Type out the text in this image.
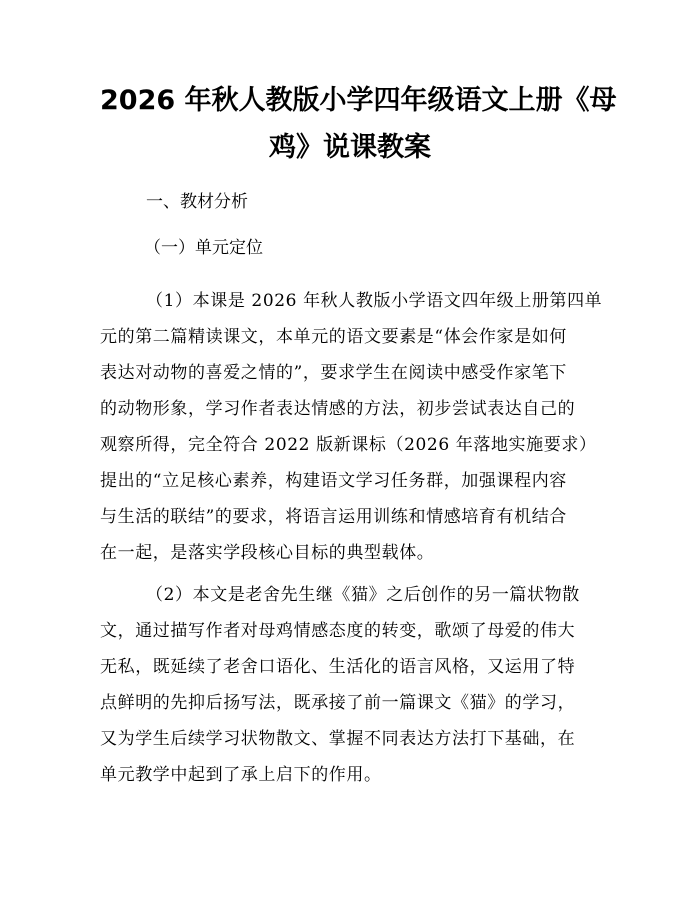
2026 年秋人教版小学四年级语文上册《母
鸡》说课教案
一、教材分析
（一）单元定位
（1）本课是 2026 年秋人教版小学语文四年级上册第四单
元的第二篇精读课文，本单元的语文要素是“体会作家是如何
表达对动物的喜爱之情的”，要求学生在阅读中感受作家笔下
的动物形象，学习作者表达情感的方法，初步尝试表达自己的
观察所得，完全符合 2022 版新课标（2026 年落地实施要求）
提出的“立足核心素养，构建语文学习任务群，加强课程内容
与生活的联结”的要求，将语言运用训练和情感培育有机结合
在一起，是落实学段核心目标的典型载体。
（2）本文是老舍先生继《猫》之后创作的另一篇状物散
文，通过描写作者对母鸡情感态度的转变，歌颂了母爱的伟大
无私，既延续了老舍口语化、生活化的语言风格，又运用了特
点鲜明的先抑后扬写法，既承接了前一篇课文《猫》的学习，
又为学生后续学习状物散文、掌握不同表达方法打下基础，在
单元教学中起到了承上启下的作用。
